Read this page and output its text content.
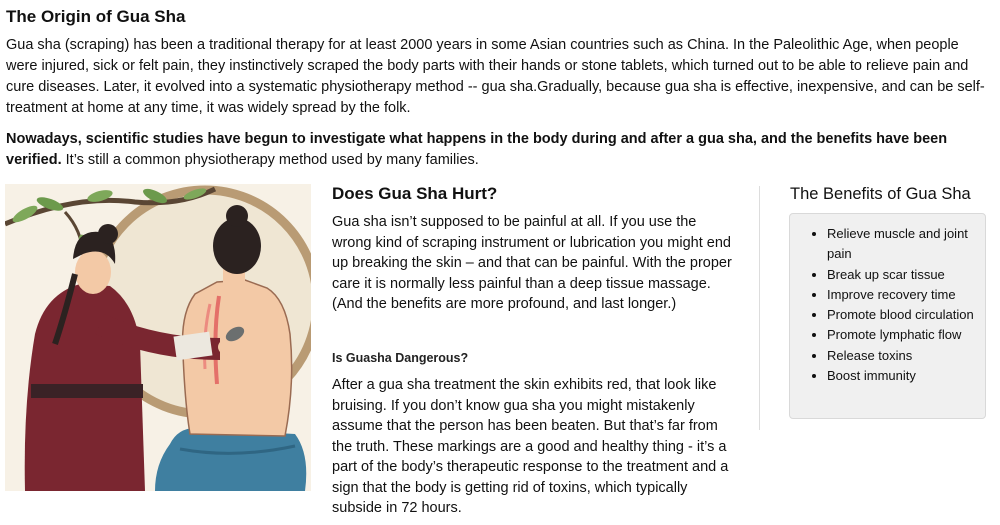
The Origin of Gua Sha

Gua sha (scraping) has been a traditional therapy for at least 2000 years in some Asian countries such as China. In the Paleolithic Age, when people were injured, sick or felt pain, they instinctively scraped the body parts with their hands or stone tablets, which turned out to be able to relieve pain and cure diseases. Later, it evolved into a systematic physiotherapy method -- gua sha.Gradually, because gua sha is effective, inexpensive, and can be self-treatment at home at any time, it was widely spread by the folk.

Nowadays, scientific studies have begun to investigate what happens in the body during and after a gua sha, and the benefits have been verified. It’s still a common physiotherapy method used by many families.

Does Gua Sha Hurt?

Gua sha isn’t supposed to be painful at all. If you use the wrong kind of scraping instrument or lubrication you might end up breaking the skin – and that can be painful. With the proper care it is normally less painful than a deep tissue massage. (And the benefits are more profound, and last longer.)

Is Guasha Dangerous?

After a gua sha treatment the skin exhibits red, that look like bruising. If you don’t know gua sha you might mistakenly assume that the person has been beaten. But that’s far from the truth. These markings are a good and healthy thing - it’s a part of the body’s therapeutic response to the treatment and a sign that the body is getting rid of toxins, which typically subside in 72 hours.

The Benefits of Gua Sha
• Relieve muscle and joint pain
• Break up scar tissue
• Improve recovery time
• Promote blood circulation
• Promote lymphatic flow
• Release toxins
• Boost immunity
